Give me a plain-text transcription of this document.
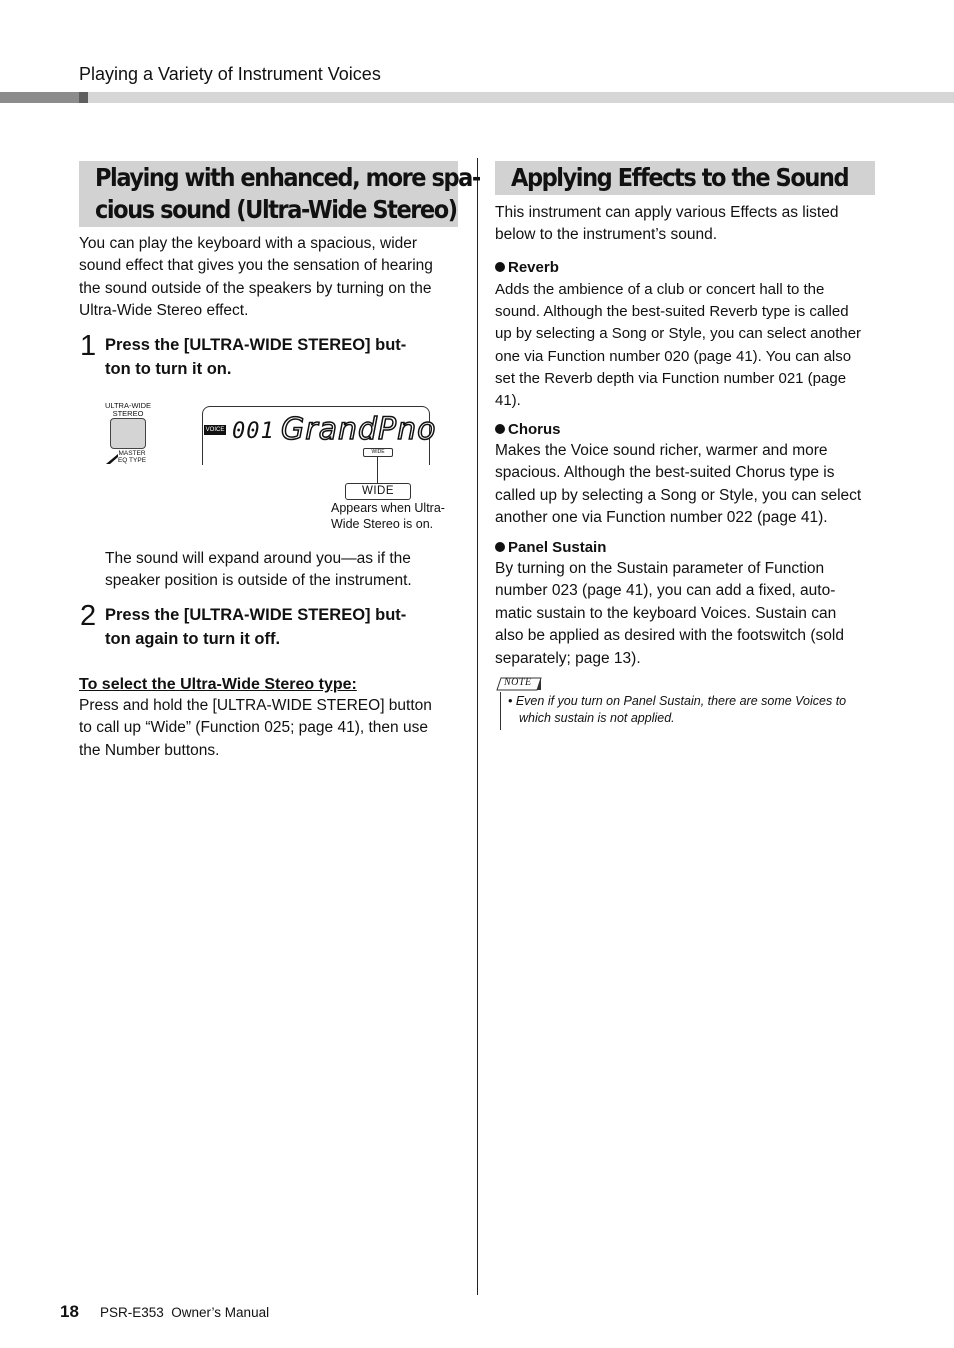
Playing a Variety of Instrument Voices
Playing with enhanced, more spa-
cious sound (Ultra-Wide Stereo)
You can play the keyboard with a spacious, wider
sound effect that gives you the sensation of hearing
the sound outside of the speakers by turning on the
Ultra-Wide Stereo effect.
1 Press the [ULTRA-WIDE STEREO] but-
ton to turn it on.
ULTRA-WIDE
STEREO
MASTER
EQ TYPE
VOICE 001 GrandPno
WIDE
WIDE
Appears when Ultra-
Wide Stereo is on.
The sound will expand around you—as if the
speaker position is outside of the instrument.
2 Press the [ULTRA-WIDE STEREO] but-
ton again to turn it off.
To select the Ultra-Wide Stereo type:
Press and hold the [ULTRA-WIDE STEREO] button
to call up “Wide” (Function 025; page 41), then use
the Number buttons.
Applying Effects to the Sound
This instrument can apply various Effects as listed
below to the instrument’s sound.
Reverb
Adds the ambience of a club or concert hall to the
sound. Although the best-suited Reverb type is called
up by selecting a Song or Style, you can select another
one via Function number 020 (page 41). You can also
set the Reverb depth via Function number 021 (page
41).
Chorus
Makes the Voice sound richer, warmer and more
spacious. Although the best-suited Chorus type is
called up by selecting a Song or Style, you can select
another one via Function number 022 (page 41).
Panel Sustain
By turning on the Sustain parameter of Function
number 023 (page 41), you can add a fixed, auto-
matic sustain to the keyboard Voices. Sustain can
also be applied as desired with the footswitch (sold
separately; page 13).
NOTE
• Even if you turn on Panel Sustain, there are some Voices to
which sustain is not applied.
18 PSR-E353  Owner’s Manual
